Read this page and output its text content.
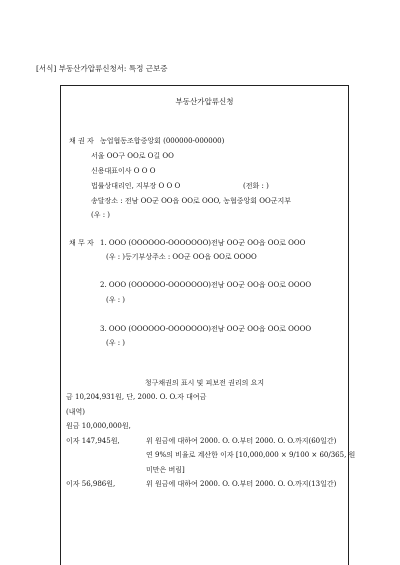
[서식] 부동산가압류신청서: 특정 근보증
부동산가압류신청
채 권 자 농업협동조합중앙회 (000000-000000)
서울 OO구 OO로 O길 OO
신용대표이사 O O O
법률상대리인, 지부장 O O O	(전화 : )
송달장소 : 전남 OO군 OO읍 OO로 OOO, 농협중앙회 OO군지부
(우 : )
채 무 자 1. OOO (OOOOOO-OOOOOOO)전남 OO군 OO읍 OO로 OOO
(우 : )등기부상주소 : OO군 OO읍 OO로 OOOO
2. OOO (OOOOOO-OOOOOOO)전남 OO군 OO읍 OO로 OOOO
(우 : )
3. OOO (OOOOOO-OOOOOOO)전남 OO군 OO읍 OO로 OOOO
(우 : )
청구채권의 표시 및 피보전 권리의 요지
금 10,204,931원, 단, 2000. O. O.자 대여금
(내역)
원금 10,000,000원,
이자 147,945원,	위 원금에 대하여 2000. O. O.부터 2000. O. O.까지(60일간)
연 9%의 비율로 계산한 이자 [10,000,000 × 9/100 × 60/365, 원
미만은 버림]
이자 56,986원,	위 원금에 대하여 2000. O. O.부터 2000. O. O.까지(13일간)
